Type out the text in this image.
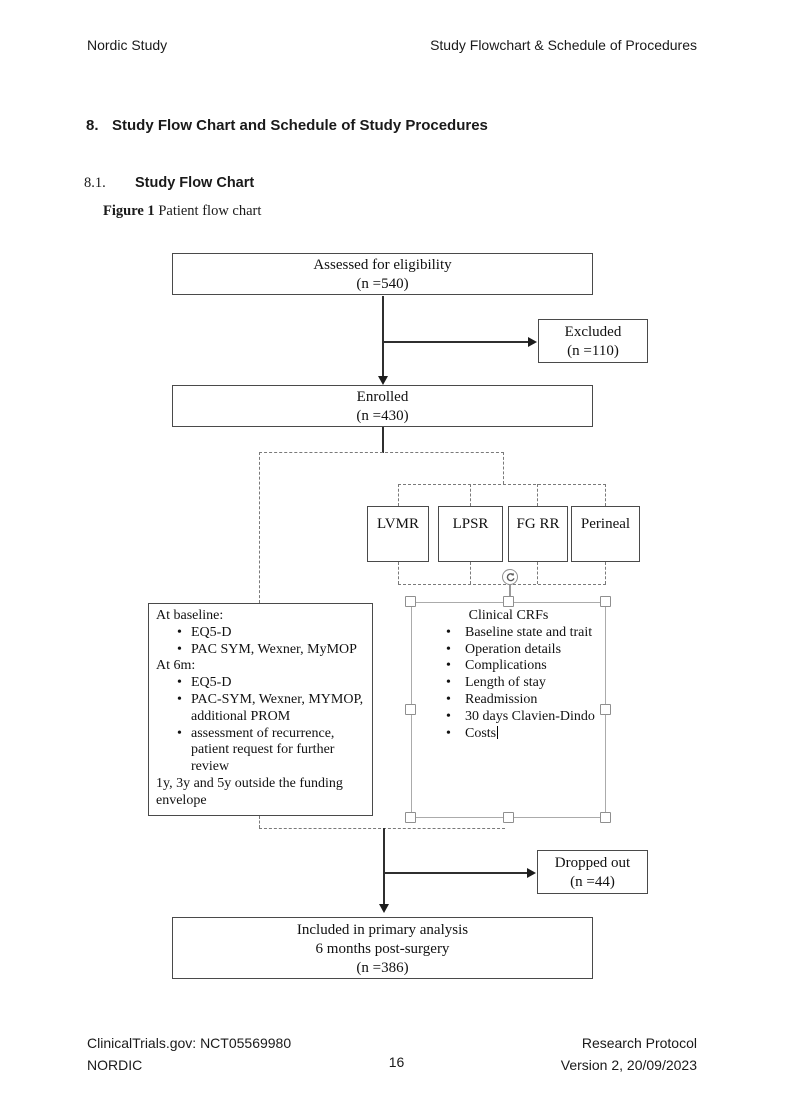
Nordic Study	Study Flowchart & Schedule of Procedures
8. Study Flow Chart and Schedule of Study Procedures
8.1.	Study Flow Chart
Figure 1 Patient flow chart
Assessed for eligibility
(n =540)
Excluded
(n =110)
Enrolled
(n =430)
LVMR	LPSR	FG RR	Perineal
At baseline:
• EQ5-D
• PAC SYM, Wexner, MyMOP
At 6m:
• EQ5-D
• PAC-SYM, Wexner, MYMOP,
additional PROM
• assessment of recurrence,
patient request for further
review
1y, 3y and 5y outside the funding
envelope
Clinical CRFs
•	Baseline state and trait
•	Operation details
•	Complications
•	Length of stay
•	Readmission
•	30 days Clavien-Dindo
•	Costs
Dropped out
(n =44)
Included in primary analysis
6 months post-surgery
(n =386)
ClinicalTrials.gov: NCT05569980
NORDIC	16
Research Protocol
Version 2, 20/09/2023
